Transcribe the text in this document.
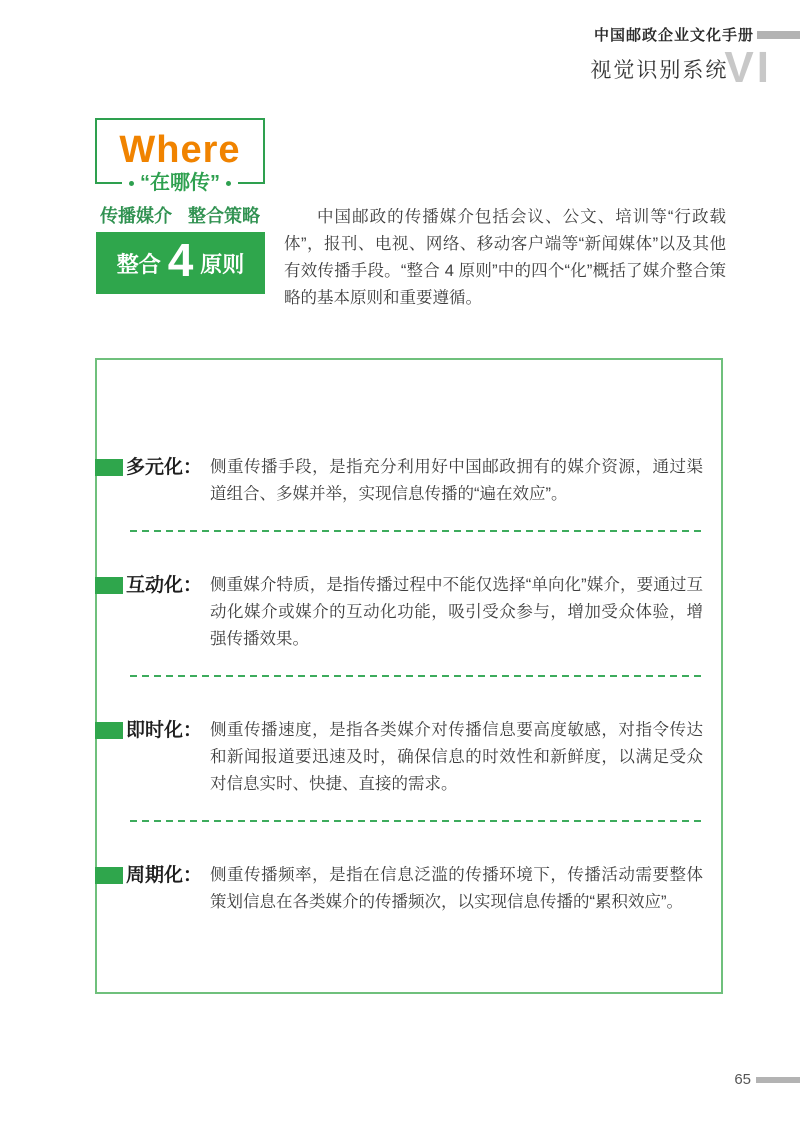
中国邮政企业文化手册
视觉识别系统
VI
Where
“在哪传”
传播媒介 整合策略
整合 4 原则

中国邮政的传播媒介包括会议、公文、培训等“行政载体”，报刊、电视、网络、移动客户端等“新闻媒体”以及其他有效传播手段。“整合 4 原则”中的四个“化”概括了媒介整合策略的基本原则和重要遵循。

多元化： 侧重传播手段，是指充分利用好中国邮政拥有的媒介资源，通过渠道组合、多媒并举，实现信息传播的“遍在效应”。
互动化： 侧重媒介特质，是指传播过程中不能仅选择“单向化”媒介，要通过互动化媒介或媒介的互动化功能，吸引受众参与，增加受众体验，增强传播效果。
即时化： 侧重传播速度，是指各类媒介对传播信息要高度敏感，对指令传达和新闻报道要迅速及时，确保信息的时效性和新鲜度，以满足受众对信息实时、快捷、直接的需求。
周期化： 侧重传播频率，是指在信息泛滥的传播环境下，传播活动需要整体策划信息在各类媒介的传播频次，以实现信息传播的“累积效应”。
65
